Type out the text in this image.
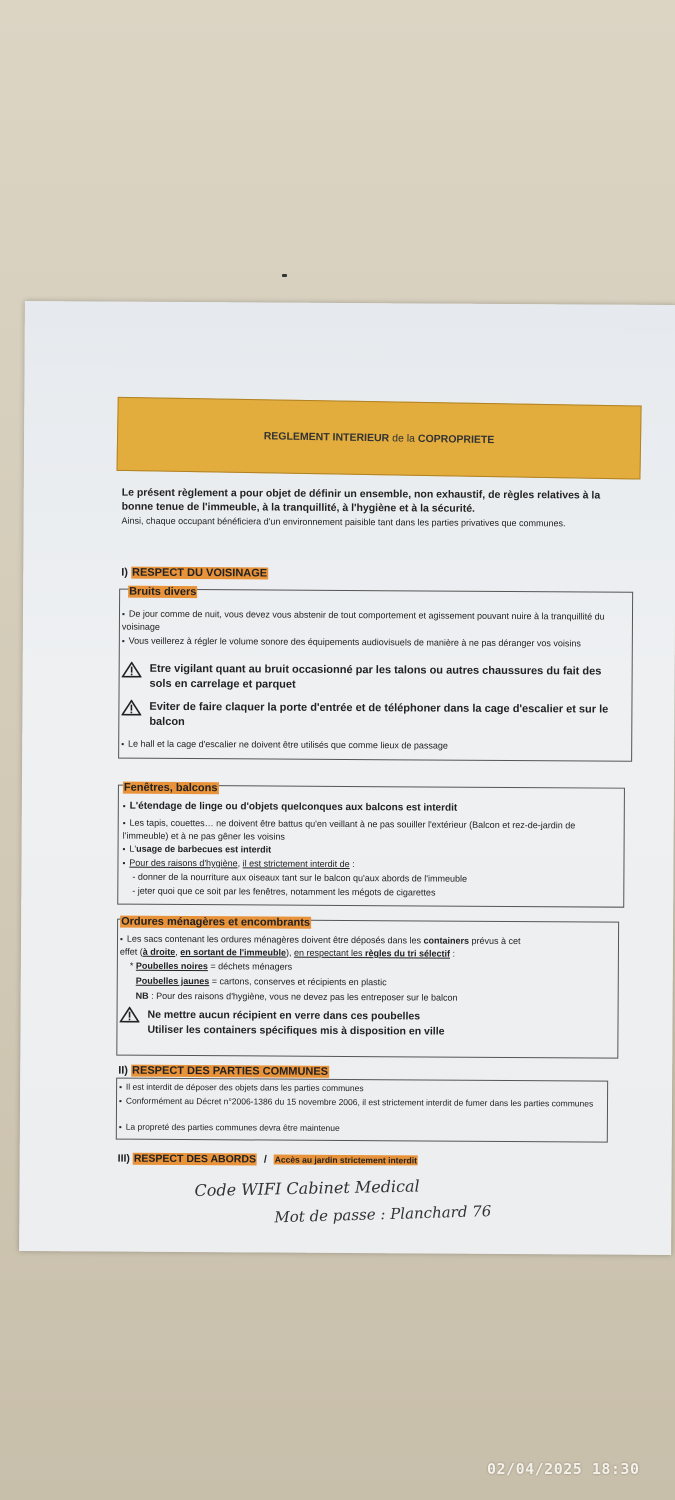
REGLEMENT INTERIEUR de la COPROPRIETE
Le présent règlement a pour objet de définir un ensemble, non exhaustif, de règles relatives à la bonne tenue de l'immeuble, à la tranquillité, à l'hygiène et à la sécurité.
Ainsi, chaque occupant bénéficiera d'un environnement paisible tant dans les parties privatives que communes.
I) RESPECT DU VOISINAGE
Bruits divers
▪ De jour comme de nuit, vous devez vous abstenir de tout comportement et agissement pouvant nuire à la tranquillité du voisinage
▪ Vous veillerez à régler le volume sonore des équipements audiovisuels de manière à ne pas déranger vos voisins
Etre vigilant quant au bruit occasionné par les talons ou autres chaussures du fait des sols en carrelage et parquet
Eviter de faire claquer la porte d'entrée et de téléphoner dans la cage d'escalier et sur le balcon
▪ Le hall et la cage d'escalier ne doivent être utilisés que comme lieux de passage
Fenêtres, balcons
▪ L'étendage de linge ou d'objets quelconques aux balcons est interdit
▪ Les tapis, couettes… ne doivent être battus qu'en veillant à ne pas souiller l'extérieur (Balcon et rez-de-jardin de l'immeuble) et à ne pas gêner les voisins
▪ L'usage de barbecues est interdit
▪ Pour des raisons d'hygiène, il est strictement interdit de :
- donner de la nourriture aux oiseaux tant sur le balcon qu'aux abords de l'immeuble
- jeter quoi que ce soit par les fenêtres, notamment les mégots de cigarettes
Ordures ménagères et encombrants
▪ Les sacs contenant les ordures ménagères doivent être déposés dans les containers prévus à cet
effet (à droite, en sortant de l'immeuble), en respectant les règles du tri sélectif :
* Poubelles noires = déchets ménagers
Poubelles jaunes = cartons, conserves et récipients en plastic
NB : Pour des raisons d'hygiène, vous ne devez pas les entreposer sur le balcon
Ne mettre aucun récipient en verre dans ces poubelles
Utiliser les containers spécifiques mis à disposition en ville
II) RESPECT DES PARTIES COMMUNES
▪ Il est interdit de déposer des objets dans les parties communes
▪ Conformément au Décret n°2006-1386 du 15 novembre 2006, il est strictement interdit de fumer dans les parties communes
▪ La propreté des parties communes devra être maintenue
III) RESPECT DES ABORDS / Accès au jardin strictement interdit
Code WIFI Cabinet Medical
Mot de passe : Planchard 76
02/04/2025 18:30
